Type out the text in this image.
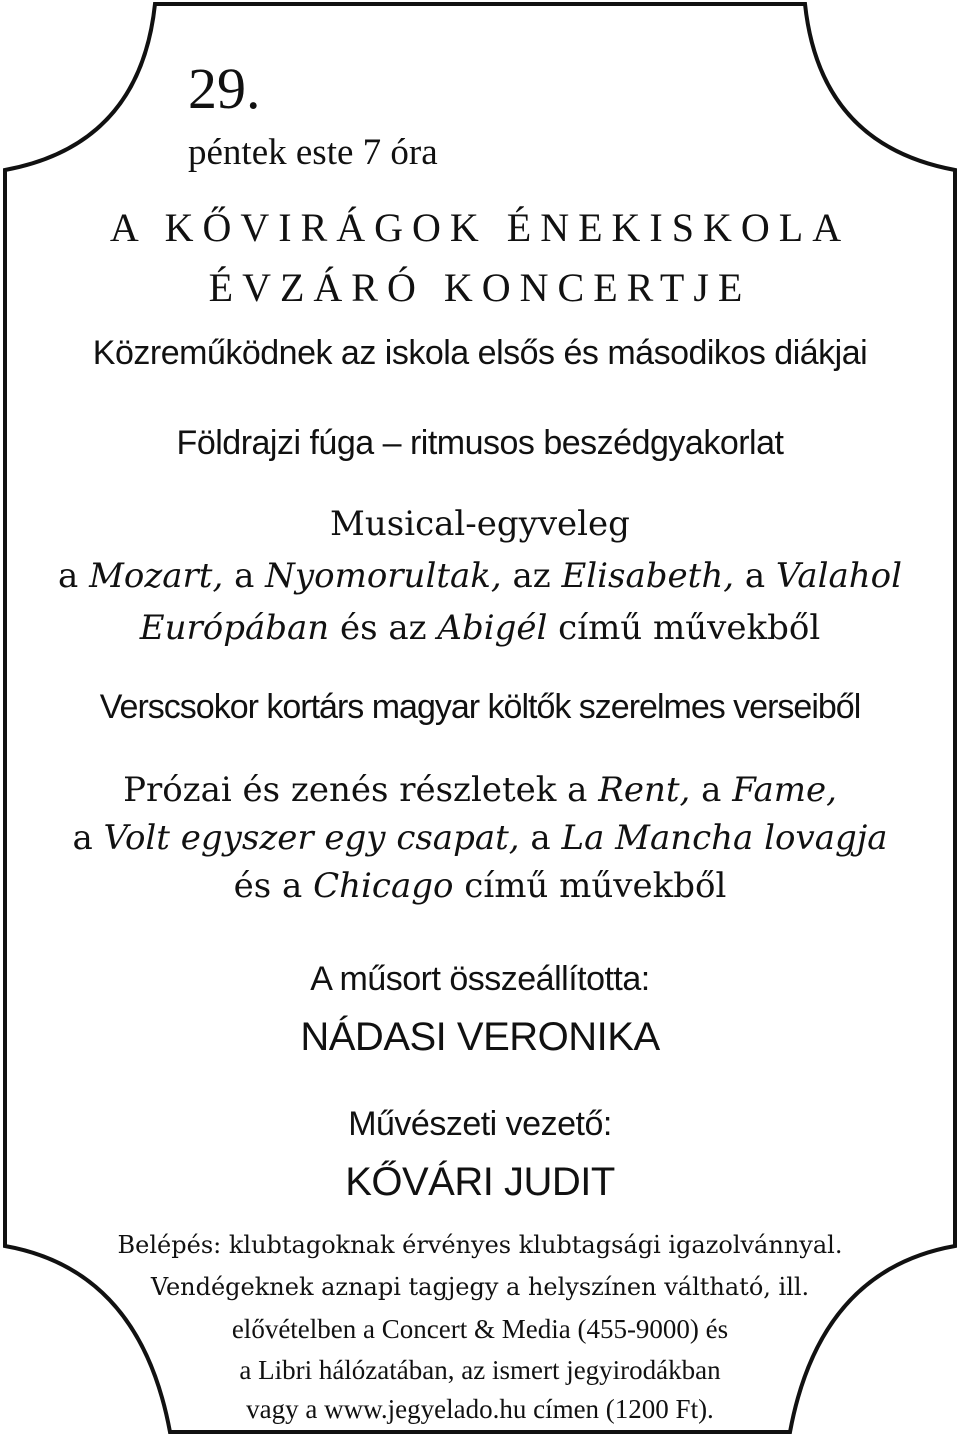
29.
péntek este 7 óra
A KŐVIRÁGOK ÉNEKISKOLA
ÉVZÁRÓ KONCERTJE
Közreműködnek az iskola elsős és másodikos diákjai
Földrajzi fúga – ritmusos beszédgyakorlat
Musical-egyveleg
a Mozart, a Nyomorultak, az Elisabeth, a Valahol
Európában és az Abigél című művekből
Verscsokor kortárs magyar költők szerelmes verseiből
Prózai és zenés részletek a Rent, a Fame,
a Volt egyszer egy csapat, a La Mancha lovagja
és a Chicago című művekből
A műsort összeállította:
NÁDASI VERONIKA
Művészeti vezető:
KŐVÁRI JUDIT
Belépés: klubtagoknak érvényes klubtagsági igazolvánnyal.
Vendégeknek aznapi tagjegy a helyszínen váltható, ill.
elővételben a Concert & Media (455-9000) és
a Libri hálózatában, az ismert jegyirodákban
vagy a www.jegyelado.hu címen (1200 Ft).
